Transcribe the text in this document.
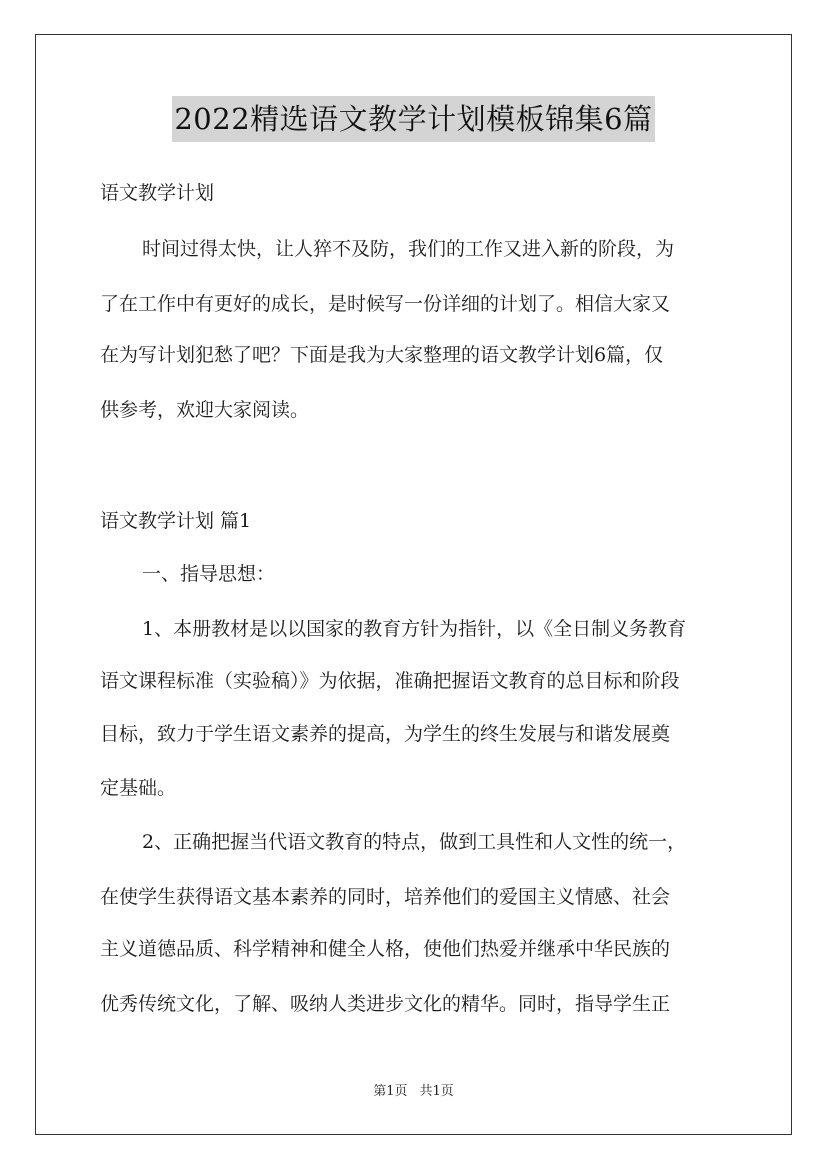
2022精选语文教学计划模板锦集6篇
语文教学计划
时间过得太快，让人猝不及防，我们的工作又进入新的阶段，为
了在工作中有更好的成长，是时候写一份详细的计划了。相信大家又
在为写计划犯愁了吧？下面是我为大家整理的语文教学计划6篇，仅
供参考，欢迎大家阅读。
语文教学计划 篇1
一、指导思想：
1、本册教材是以以国家的教育方针为指针，以《全日制义务教育
语文课程标准（实验稿）》为依据，准确把握语文教育的总目标和阶段
目标，致力于学生语文素养的提高，为学生的终生发展与和谐发展奠
定基础。
2、正确把握当代语文教育的特点，做到工具性和人文性的统一，
在使学生获得语文基本素养的同时，培养他们的爱国主义情感、社会
主义道德品质、科学精神和健全人格，使他们热爱并继承中华民族的
优秀传统文化，了解、吸纳人类进步文化的精华。同时，指导学生正
第1页 共1页
